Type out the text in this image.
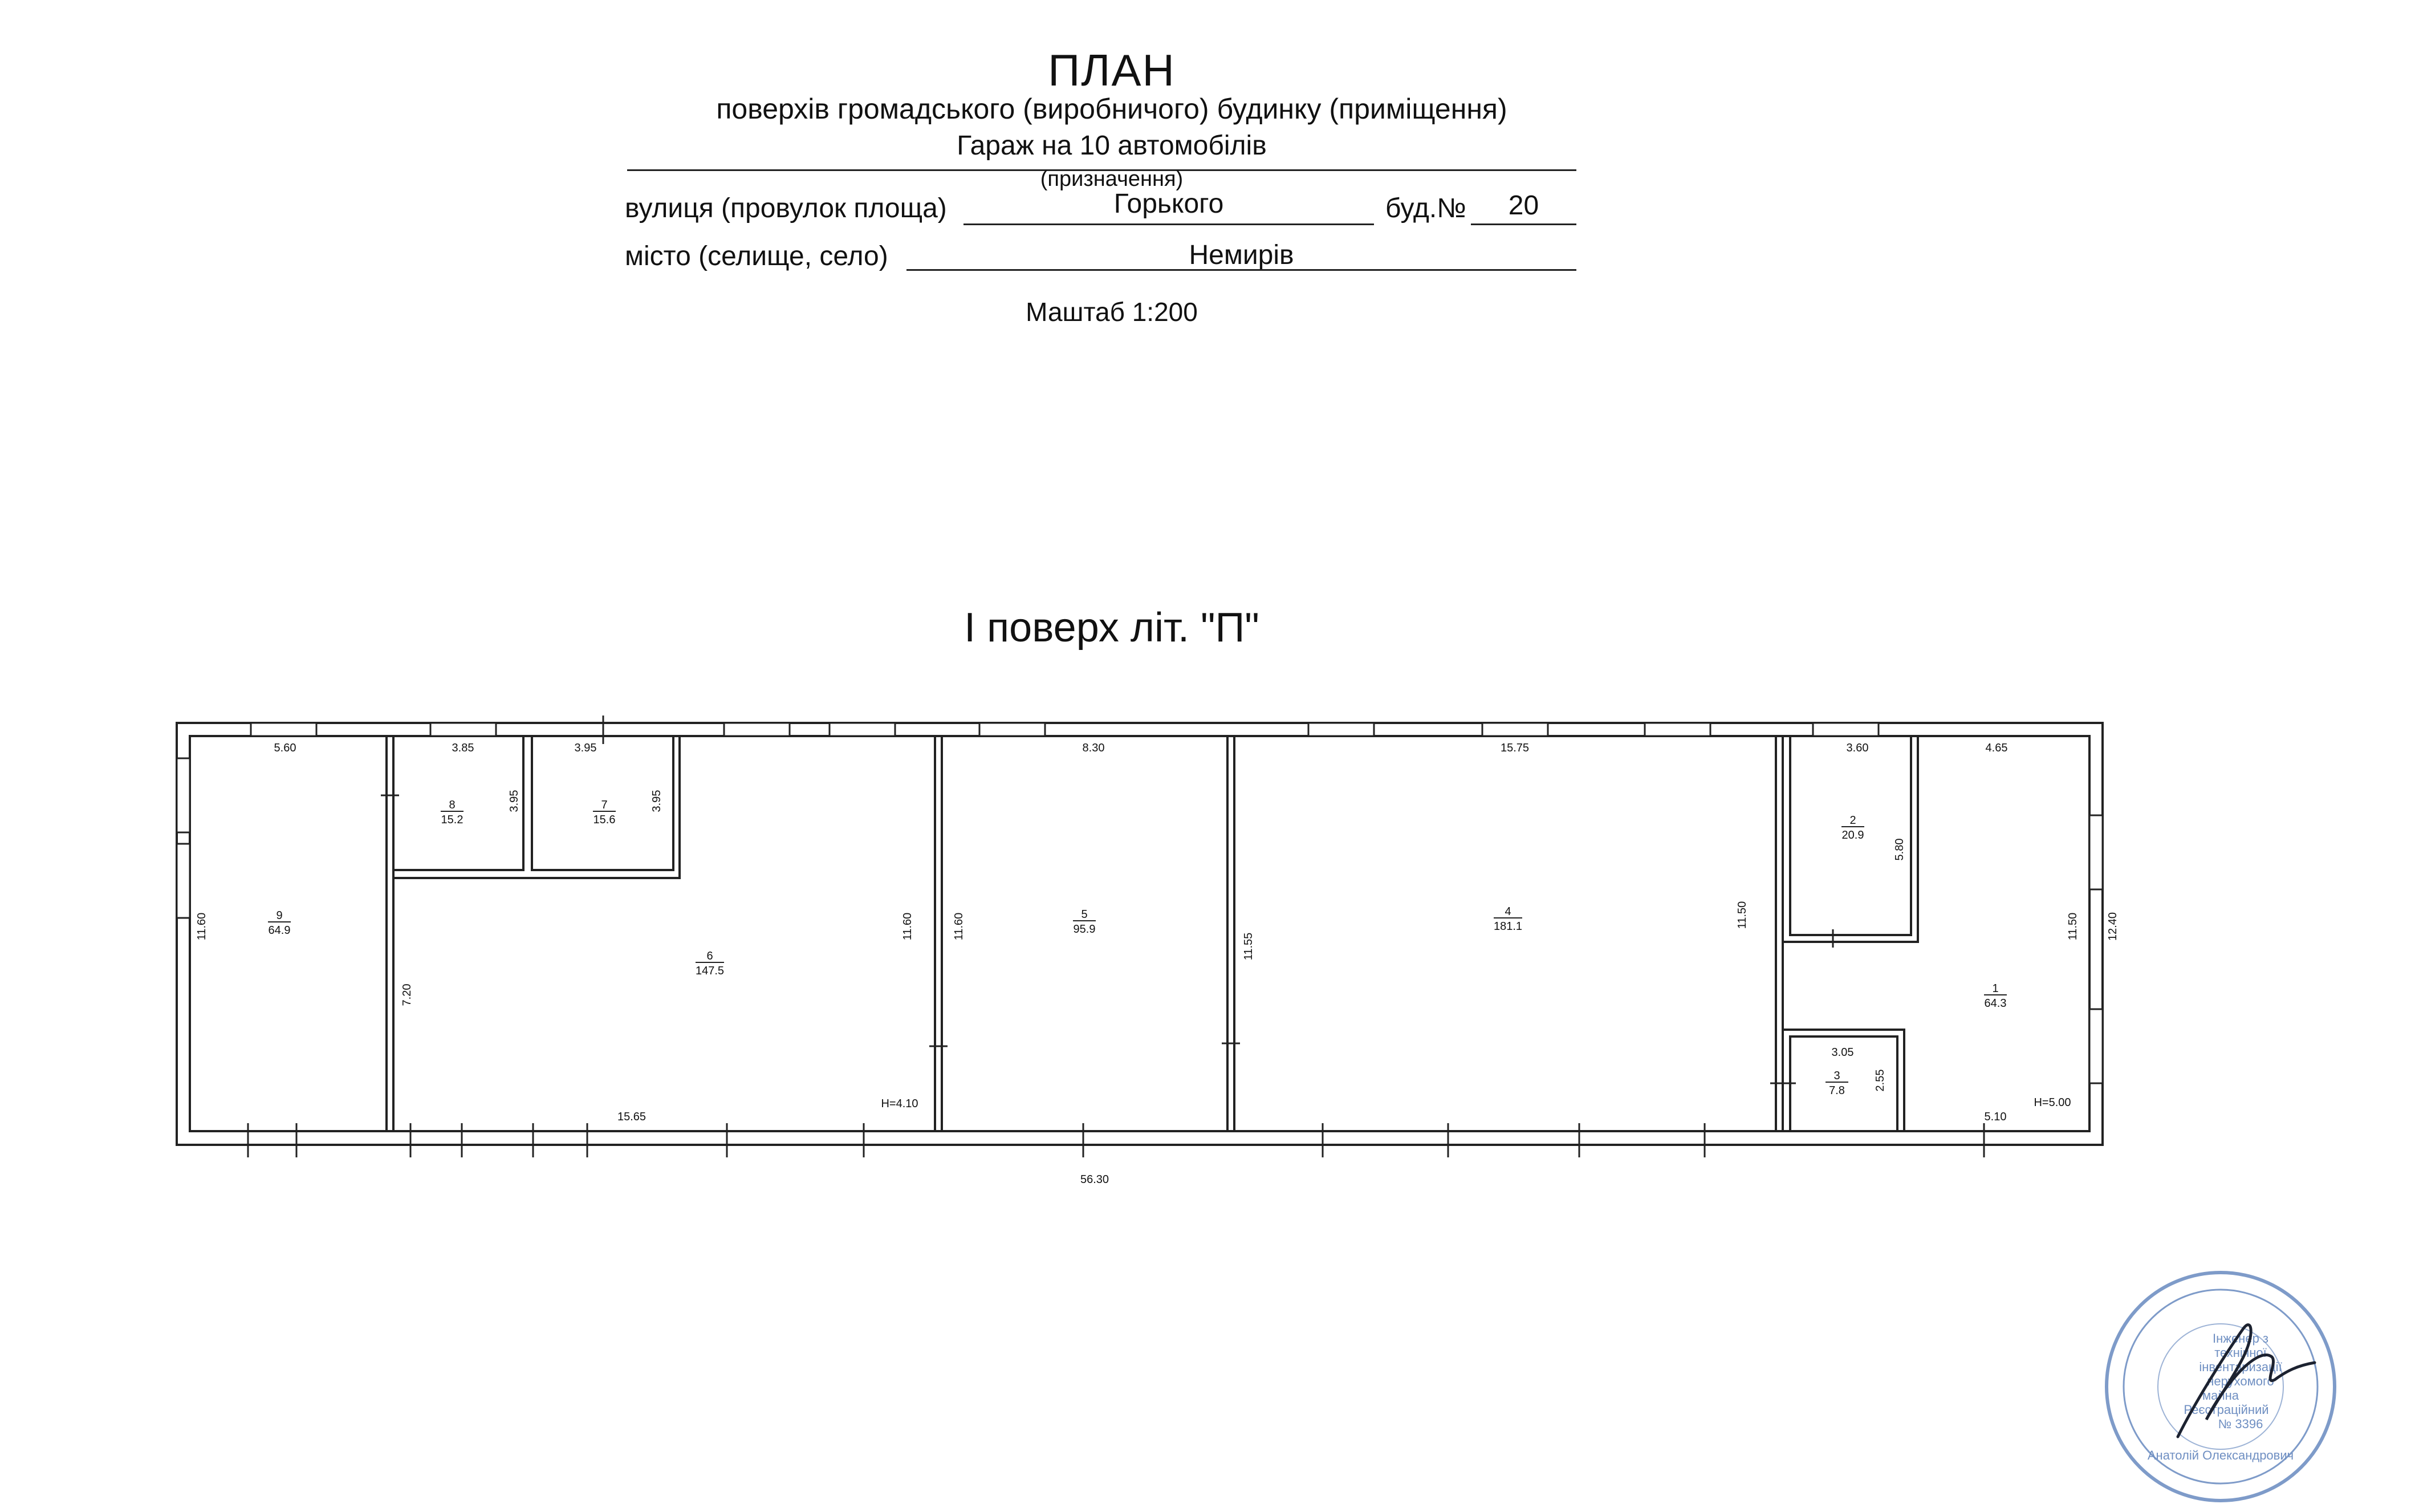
ПЛАН
поверхів громадського (виробничого) будинку (приміщення)
Гараж на 10 автомобілів
(призначення)
вулиця (провулок площа)	Горького	буд.№	20
місто (селище, село)	Немирів
Маштаб 1:200
І поверх літ. "П"
9
64.9
8
15.2
7
15.6
6
147.5
5
95.9
4
181.1
2
20.9
3
7.8
1
64.3
5.60	3.85	3.95	8.30	15.75	3.60	4.65
15.65	5.10
3.05
56.30
H=4.10	H=5.00
11.60
3.95	3.95
7.20
11.60	11.60
11.55
11.50
5.80
2.55
11.50 12.40
Інженер з
технічної
інвентаризації
нерухомого
майна
Реєстраційний
№ 3396
Анатолій Олександрович
